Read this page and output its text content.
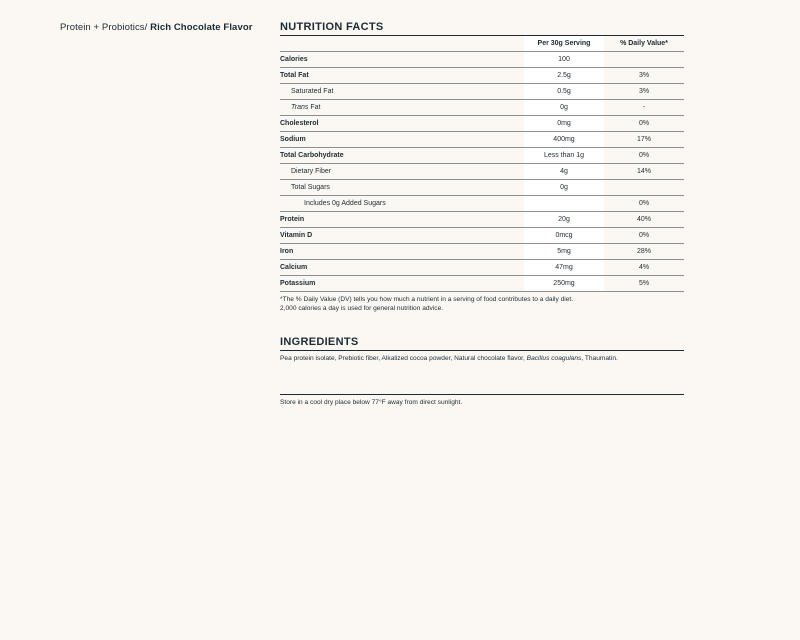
Protein + Probiotics/ Rich Chocolate Flavor NUTRITION FACTS
	Per 30g Serving	% Daily Value*
Calories	100	
Total Fat	2.5g	3%
Saturated Fat	0.5g	3%
Trans Fat	0g	-
Cholesterol	0mg	0%
Sodium	400mg	17%
Total Carbohydrate	Less than 1g	0%
Dietary Fiber	4g	14%
Total Sugars	0g	
Includes 0g Added Sugars		0%
Protein	20g	40%
Vitamin D	0mcg	0%
Iron	5mg	28%
Calcium	47mg	4%
Potassium	250mg	5%
*The % Daily Value (DV) tells you how much a nutrient in a serving of food contributes to a daily diet.
2,000 calories a day is used for general nutrition advice.
INGREDIENTS
Pea protein isolate, Prebiotic fiber, Alkalized cocoa powder, Natural chocolate flavor, Bacillus coagulans, Thaumatin.
Store in a cool dry place below 77°F away from direct sunlight.
